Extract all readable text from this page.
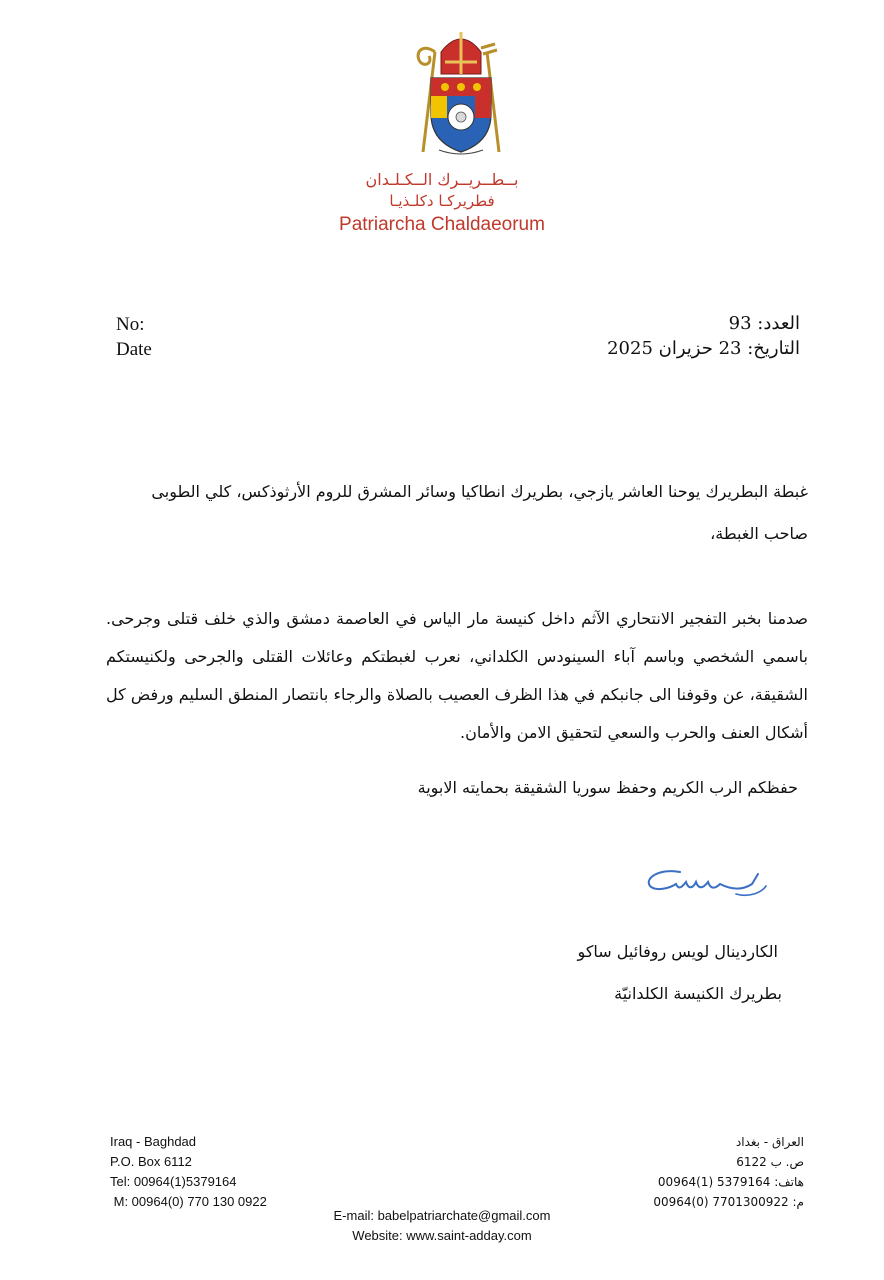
بــطــريــرك الــكـلـدان
فطريركـا دكلـذيـا
Patriarcha Chaldaeorum
No:
Date
العدد: 93
التاريخ: 23 حزيران 2025
غبطة البطريرك يوحنا العاشر يازجي، بطريرك انطاكيا وسائر المشرق للروم الأرثوذكس، كلي الطوبى
صاحب الغبطة،
صدمنا بخبر التفجير الانتحاري الآثم داخل كنيسة مار الياس في العاصمة دمشق والذي خلف قتلى وجرحى. باسمي الشخصي وباسم آباء السينودس الكلداني، نعرب لغبطتكم وعائلات القتلى والجرحى ولكنيستكم الشقيقة، عن وقوفنا الى جانبكم في هذا الظرف العصيب بالصلاة والرجاء بانتصار المنطق السليم ورفض كل أشكال العنف والحرب والسعي لتحقيق الامن والأمان.
حفظكم الرب الكريم وحفظ سوريا الشقيقة بحمايته الابوية
الكاردينال لويس روفائيل ساكو
بطريرك الكنيسة الكلدانيّة
Iraq - Baghdad
P.O. Box 6112
Tel: 00964(1)5379164
M: 00964(0) 770 130 0922
العراق - بغداد
ص. ب 6122
هاتف: 5379164 (1)00964
م: 7701300922 (0)00964
E-mail: babelpatriarchate@gmail.com
Website: www.saint-adday.com
